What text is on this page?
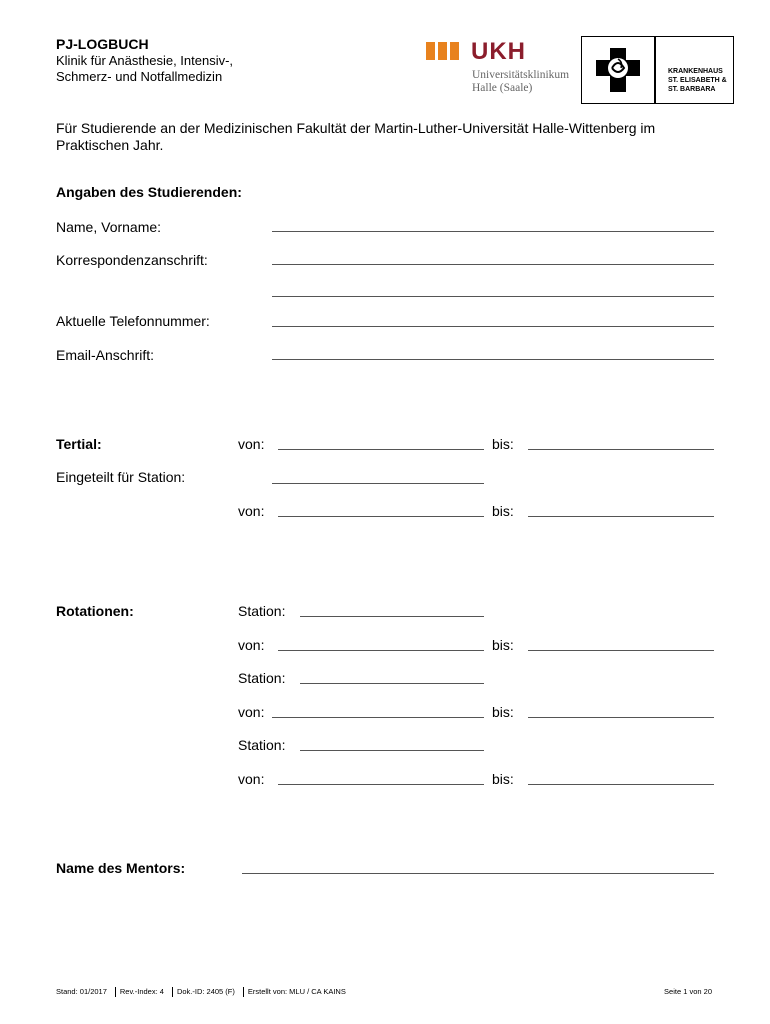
PJ-LOGBUCH
Klinik für Anästhesie, Intensiv-,
Schmerz- und Notfallmedizin
UKH
Universitätsklinikum
Halle (Saale)
KRANKENHAUS
ST. ELISABETH &
ST. BARBARA
Für Studierende an der Medizinischen Fakultät der Martin-Luther-Universität Halle-Wittenberg im
Praktischen Jahr.
Angaben des Studierenden:
Name, Vorname:
Korrespondenzanschrift:
Aktuelle Telefonnummer:
Email-Anschrift:
Tertial:	von:	bis:
Eingeteilt für Station:
von:	bis:
Rotationen:	Station:
von:	bis:
Station:
von:	bis:
Station:
von:	bis:
Name des Mentors:
Stand: 01/2017 Rev.-Index: 4 Dok.-ID: 2405 (F) Erstellt von: MLU / CA KAINS	Seite 1 von 20
